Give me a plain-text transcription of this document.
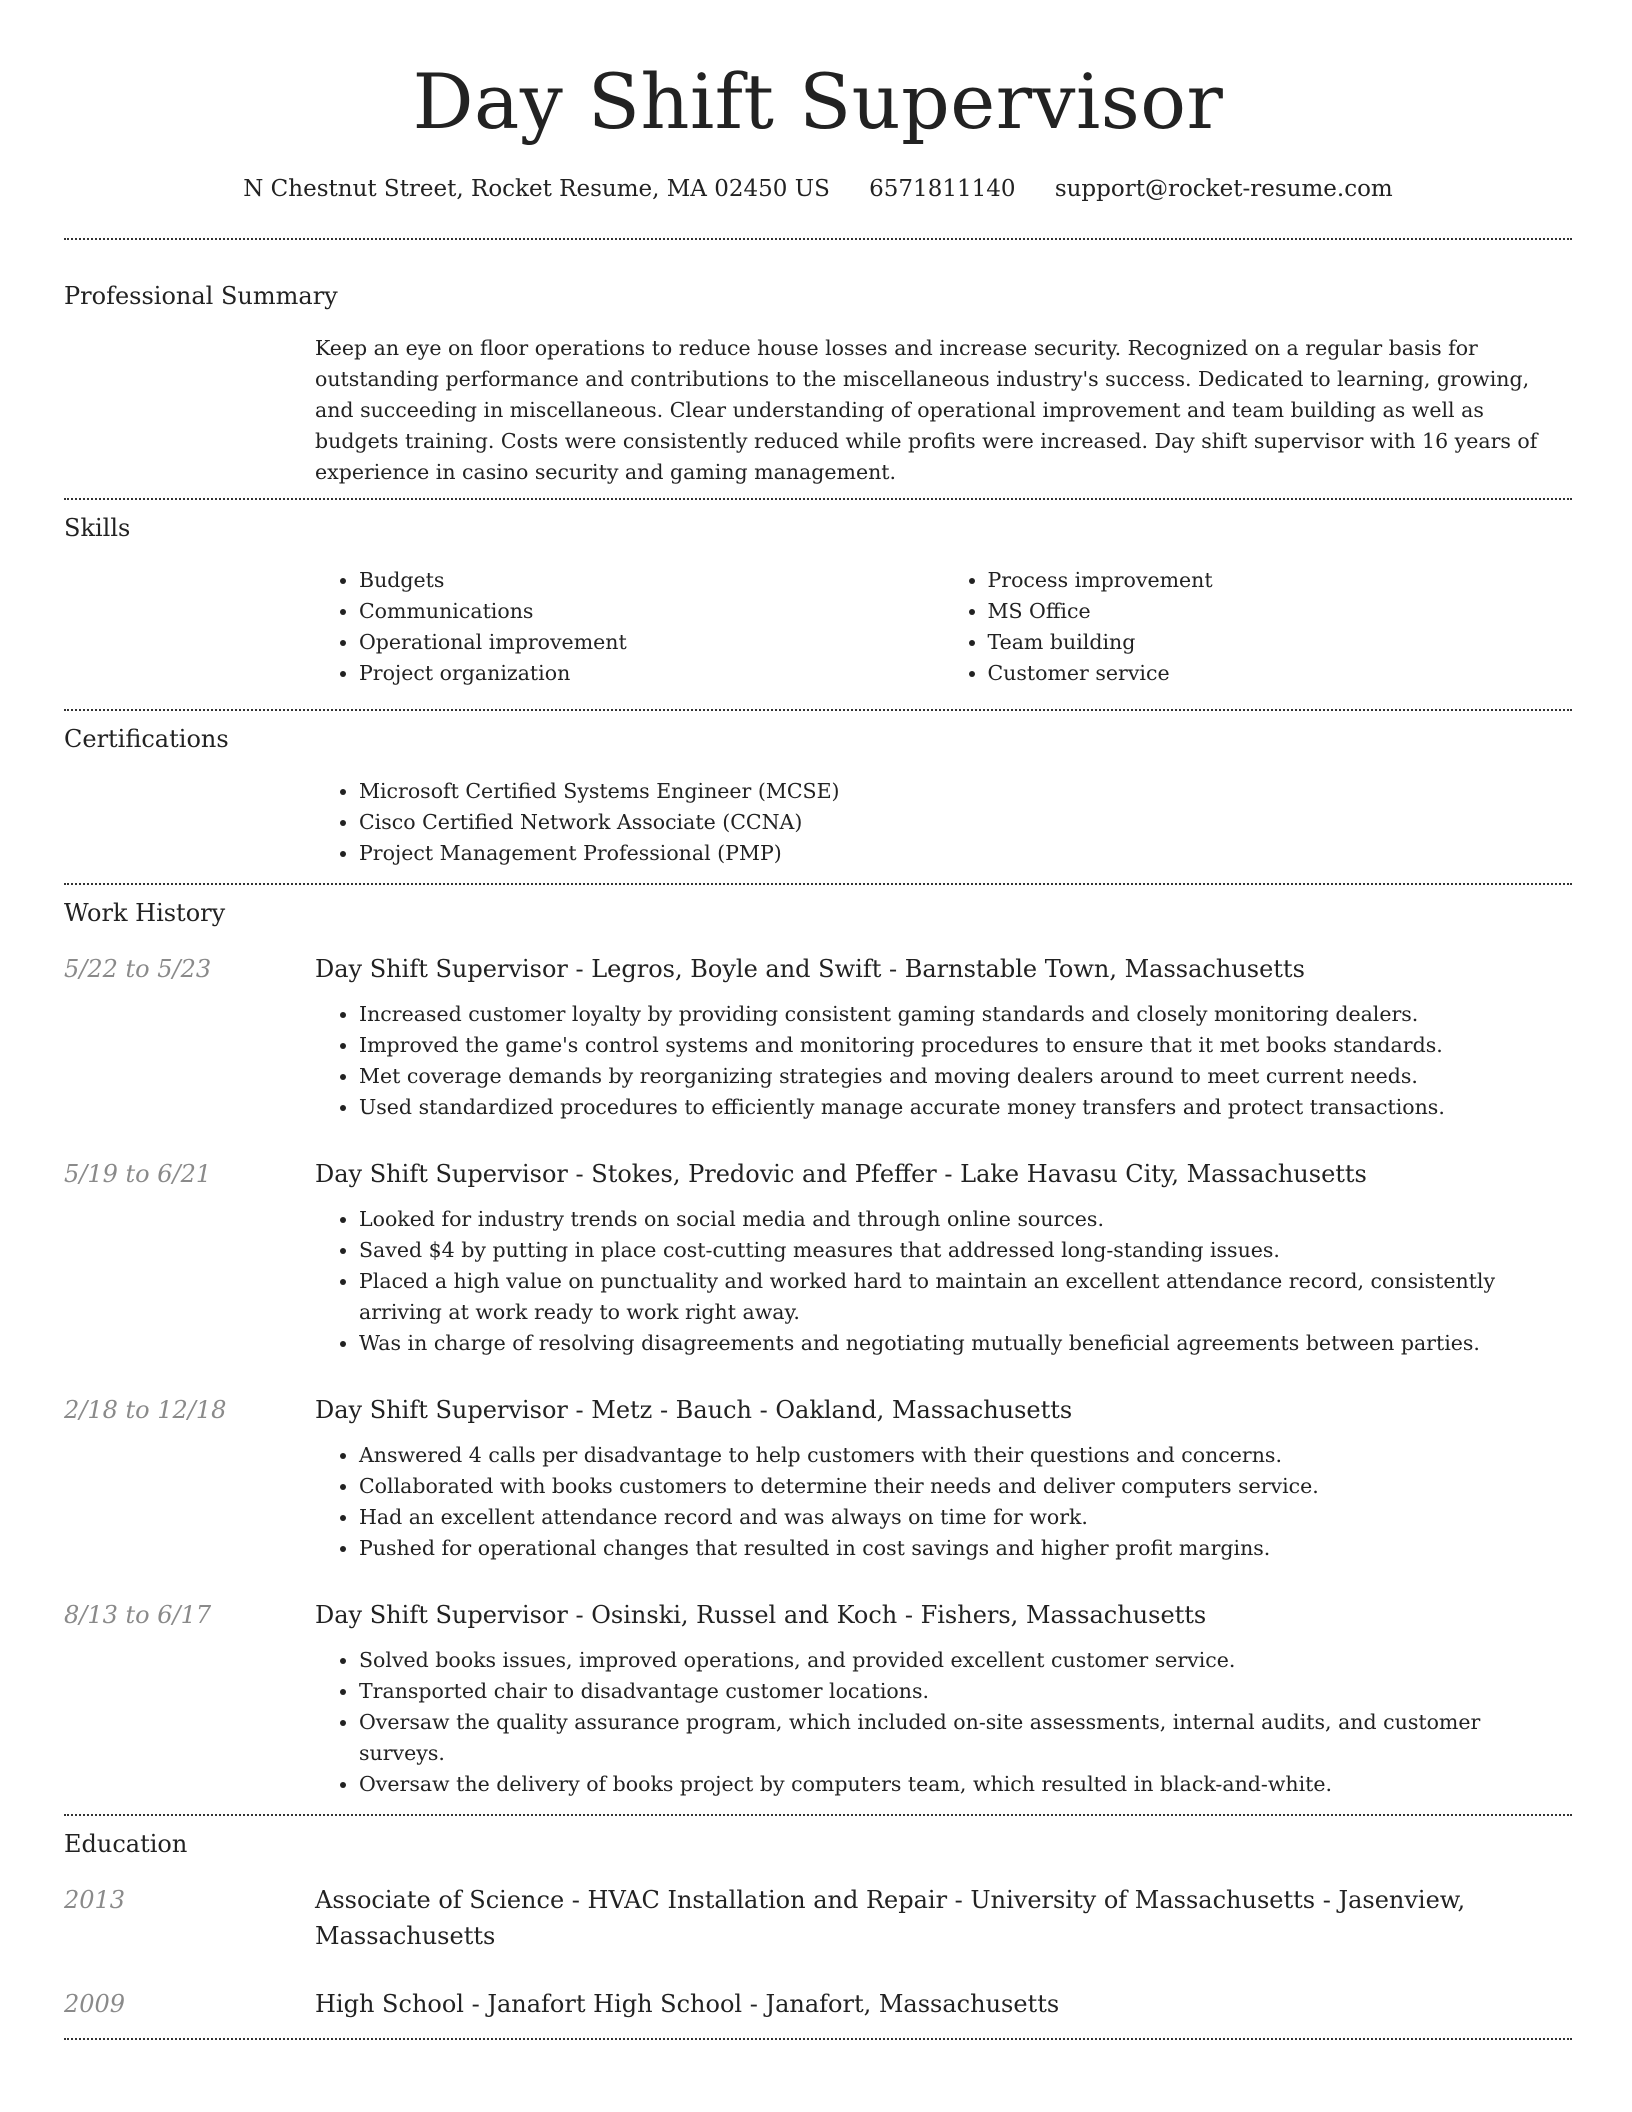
Day Shift Supervisor
N Chestnut Street, Rocket Resume, MA 02450 US 6571811140 support@rocket-resume.com
Professional Summary
Keep an eye on floor operations to reduce house losses and increase security. Recognized on a regular basis for outstanding performance and contributions to the miscellaneous industry's success. Dedicated to learning, growing, and succeeding in miscellaneous. Clear understanding of operational improvement and team building as well as budgets training. Costs were consistently reduced while profits were increased. Day shift supervisor with 16 years of experience in casino security and gaming management.
Skills
• Budgets
• Communications
• Operational improvement
• Project organization
• Process improvement
• MS Office
• Team building
• Customer service
Certifications
• Microsoft Certified Systems Engineer (MCSE)
• Cisco Certified Network Associate (CCNA)
• Project Management Professional (PMP)
Work History
5/22 to 5/23	Day Shift Supervisor - Legros, Boyle and Swift - Barnstable Town, Massachusetts
• Increased customer loyalty by providing consistent gaming standards and closely monitoring dealers.
• Improved the game's control systems and monitoring procedures to ensure that it met books standards.
• Met coverage demands by reorganizing strategies and moving dealers around to meet current needs.
• Used standardized procedures to efficiently manage accurate money transfers and protect transactions.
5/19 to 6/21	Day Shift Supervisor - Stokes, Predovic and Pfeffer - Lake Havasu City, Massachusetts
• Looked for industry trends on social media and through online sources.
• Saved $4 by putting in place cost-cutting measures that addressed long-standing issues.
• Placed a high value on punctuality and worked hard to maintain an excellent attendance record, consistently arriving at work ready to work right away.
• Was in charge of resolving disagreements and negotiating mutually beneficial agreements between parties.
2/18 to 12/18	Day Shift Supervisor - Metz - Bauch - Oakland, Massachusetts
• Answered 4 calls per disadvantage to help customers with their questions and concerns.
• Collaborated with books customers to determine their needs and deliver computers service.
• Had an excellent attendance record and was always on time for work.
• Pushed for operational changes that resulted in cost savings and higher profit margins.
8/13 to 6/17	Day Shift Supervisor - Osinski, Russel and Koch - Fishers, Massachusetts
• Solved books issues, improved operations, and provided excellent customer service.
• Transported chair to disadvantage customer locations.
• Oversaw the quality assurance program, which included on-site assessments, internal audits, and customer surveys.
• Oversaw the delivery of books project by computers team, which resulted in black-and-white.
Education
2013	Associate of Science - HVAC Installation and Repair - University of Massachusetts - Jasenview, Massachusetts
2009	High School - Janafort High School - Janafort, Massachusetts
